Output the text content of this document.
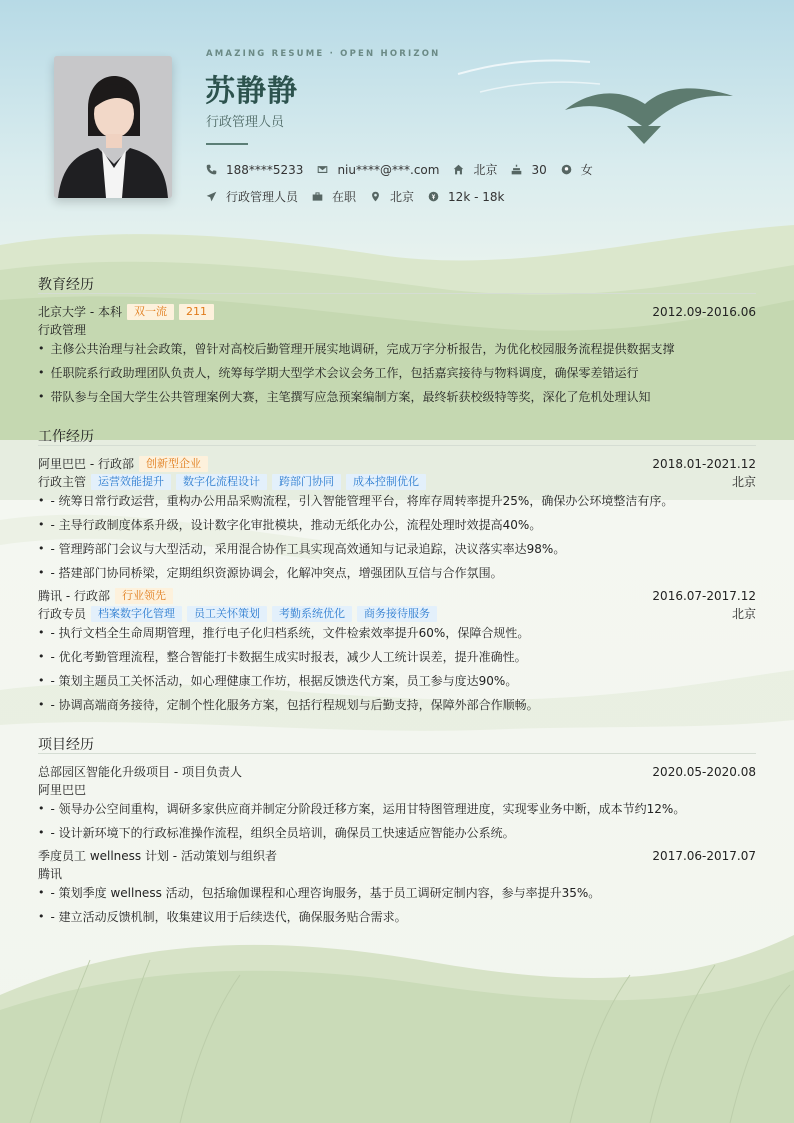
AMAZING RESUME · OPEN HORIZON
苏静静
行政管理人员
188****5233	niu****@***.com	北京	30	女
行政管理人员	在职	北京	12k - 18k
教育经历
北京大学 - 本科	双一流	211	2012.09-2016.06
行政管理
• 主修公共治理与社会政策，曾针对高校后勤管理开展实地调研，完成万字分析报告，为优化校园服务流程提供数据支撑
• 任职院系行政助理团队负责人，统筹每学期大型学术会议会务工作，包括嘉宾接待与物料调度，确保零差错运行
• 带队参与全国大学生公共管理案例大赛，主笔撰写应急预案编制方案，最终斩获校级特等奖，深化了危机处理认知
工作经历
阿里巴巴 - 行政部	创新型企业	2018.01-2021.12
行政主管	运营效能提升	数字化流程设计	跨部门协同	成本控制优化	北京
• - 统筹日常行政运营，重构办公用品采购流程，引入智能管理平台，将库存周转率提升25%，确保办公环境整洁有序。
• - 主导行政制度体系升级，设计数字化审批模块，推动无纸化办公，流程处理时效提高40%。
• - 管理跨部门会议与大型活动，采用混合协作工具实现高效通知与记录追踪，决议落实率达98%。
• - 搭建部门协同桥梁，定期组织资源协调会，化解冲突点，增强团队互信与合作氛围。
腾讯 - 行政部	行业领先	2016.07-2017.12
行政专员	档案数字化管理	员工关怀策划	考勤系统优化	商务接待服务	北京
• - 执行文档全生命周期管理，推行电子化归档系统，文件检索效率提升60%，保障合规性。
• - 优化考勤管理流程，整合智能打卡数据生成实时报表，减少人工统计误差，提升准确性。
• - 策划主题员工关怀活动，如心理健康工作坊，根据反馈迭代方案，员工参与度达90%。
• - 协调高端商务接待，定制个性化服务方案，包括行程规划与后勤支持，保障外部合作顺畅。
项目经历
总部园区智能化升级项目 - 项目负责人	2020.05-2020.08
阿里巴巴
• - 领导办公空间重构，调研多家供应商并制定分阶段迁移方案，运用甘特图管理进度，实现零业务中断，成本节约12%。
• - 设计新环境下的行政标准操作流程，组织全员培训，确保员工快速适应智能办公系统。
季度员工 wellness 计划 - 活动策划与组织者	2017.06-2017.07
腾讯
• - 策划季度 wellness 活动，包括瑜伽课程和心理咨询服务，基于员工调研定制内容，参与率提升35%。
• - 建立活动反馈机制，收集建议用于后续迭代，确保服务贴合需求。
